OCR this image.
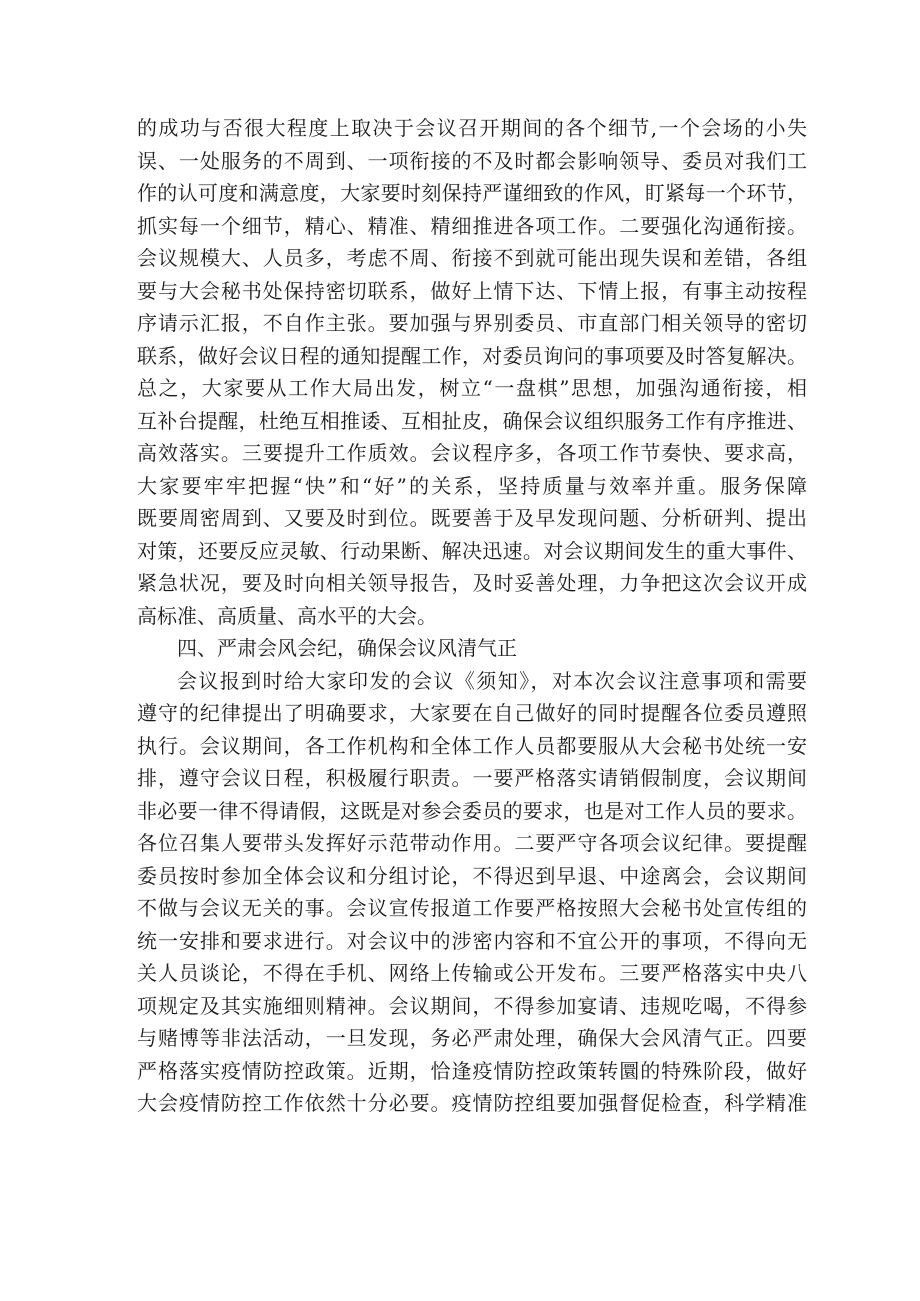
的成功与否很大程度上取决于会议召开期间的各个细节,一个会场的小失
误、一处服务的不周到、一项衔接的不及时都会影响领导、委员对我们工
作的认可度和满意度，大家要时刻保持严谨细致的作风，盯紧每一个环节，
抓实每一个细节，精心、精准、精细推进各项工作。二要强化沟通衔接。
会议规模大、人员多，考虑不周、衔接不到就可能出现失误和差错，各组
要与大会秘书处保持密切联系，做好上情下达、下情上报，有事主动按程
序请示汇报，不自作主张。要加强与界别委员、市直部门相关领导的密切
联系，做好会议日程的通知提醒工作，对委员询问的事项要及时答复解决。
总之，大家要从工作大局出发，树立“一盘棋”思想，加强沟通衔接，相
互补台提醒，杜绝互相推诿、互相扯皮，确保会议组织服务工作有序推进、
高效落实。三要提升工作质效。会议程序多，各项工作节奏快、要求高，
大家要牢牢把握“快”和“好”的关系，坚持质量与效率并重。服务保障
既要周密周到、又要及时到位。既要善于及早发现问题、分析研判、提出
对策，还要反应灵敏、行动果断、解决迅速。对会议期间发生的重大事件、
紧急状况，要及时向相关领导报告，及时妥善处理，力争把这次会议开成
高标准、高质量、高水平的大会。
四、严肃会风会纪，确保会议风清气正
会议报到时给大家印发的会议《须知》，对本次会议注意事项和需要
遵守的纪律提出了明确要求，大家要在自己做好的同时提醒各位委员遵照
执行。会议期间，各工作机构和全体工作人员都要服从大会秘书处统一安
排，遵守会议日程，积极履行职责。一要严格落实请销假制度，会议期间
非必要一律不得请假，这既是对参会委员的要求，也是对工作人员的要求。
各位召集人要带头发挥好示范带动作用。二要严守各项会议纪律。要提醒
委员按时参加全体会议和分组讨论，不得迟到早退、中途离会，会议期间
不做与会议无关的事。会议宣传报道工作要严格按照大会秘书处宣传组的
统一安排和要求进行。对会议中的涉密内容和不宜公开的事项，不得向无
关人员谈论，不得在手机、网络上传输或公开发布。三要严格落实中央八
项规定及其实施细则精神。会议期间，不得参加宴请、违规吃喝，不得参
与赌博等非法活动，一旦发现，务必严肃处理，确保大会风清气正。四要
严格落实疫情防控政策。近期，恰逢疫情防控政策转圜的特殊阶段，做好
大会疫情防控工作依然十分必要。疫情防控组要加强督促检查，科学精准
